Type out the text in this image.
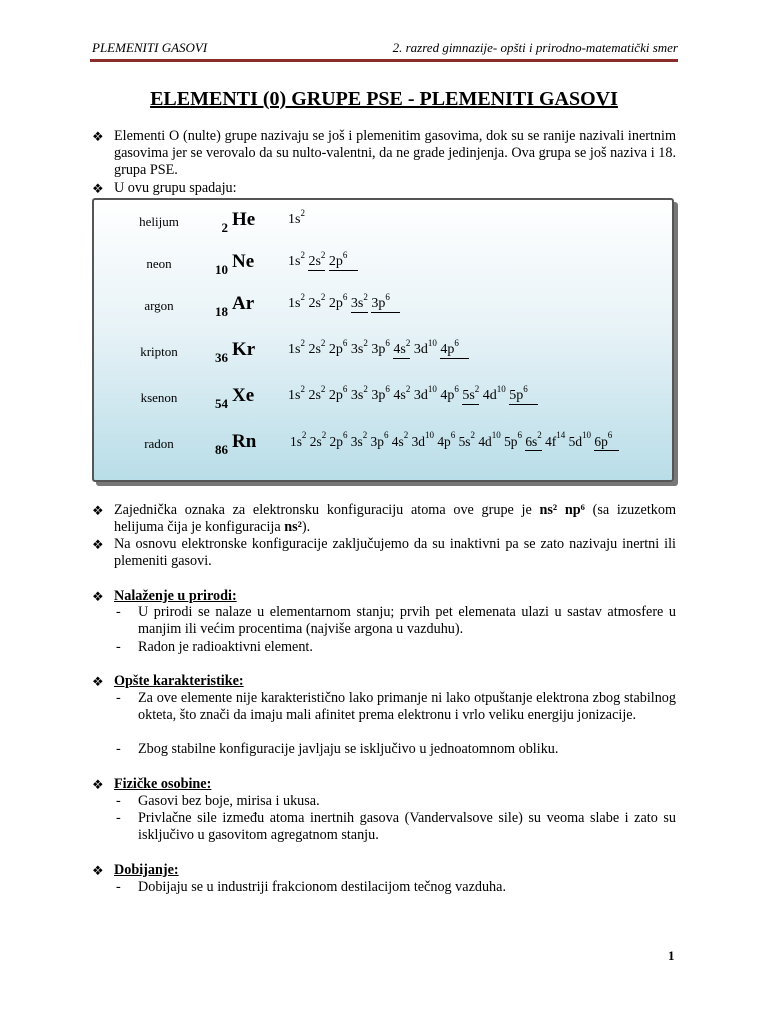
PLEMENITI GASOVI	2. razred gimnazije- opšti i prirodno-matematički smer
ELEMENTI (0) GRUPE PSE - PLEMENITI GASOVI
❖ Elementi O (nulte) grupe nazivaju se još i plemenitim gasovima, dok su se ranije nazivali inertnim gasovima jer se verovalo da su nulto-valentni, da ne grade jedinjenja. Ova grupa se još naziva i 18. grupa PSE.
❖ U ovu grupu spadaju:
helijum	2 He $1s^2$
neon	10 Ne $1s^2$ $2s^2$ $2p^6$
argon	18 Ar $1s^2$ $2s^2$ $2p^6$ $3s^2$ $3p^6$
kripton	36 Kr $1s^2$ $2s^2$ $2p^6$ $3s^2$ $3p^6$ $4s^2$ $3d^{10}$ $4p^6$
ksenon	54 Xe $1s^2$ $2s^2$ $2p^6$ $3s^2$ $3p^6$ $4s^2$ $3d^{10}$ $4p^6$ $5s^2$ $4d^{10}$ $5p^6$
radon	86 Rn	$1s^2$ $2s^2$ $2p^6$ $3s^2$ $3p^6$ $4s^2$ $3d^{10}$ $4p^6$ $5s^2$ $4d^{10}$ $5p^6$ $6s^2$ $4f^{14}$ $5d^{10}$ $6p^6$
❖ Zajednička oznaka za elektronsku konfiguraciju atoma ove grupe je ns² np⁶ (sa izuzetkom helijuma čija je konfiguracija ns²).
❖ Na osnovu elektronske konfiguracije zaključujemo da su inaktivni pa se zato nazivaju inertni ili plemeniti gasovi.
❖ Nalaženje u prirodi:
- U prirodi se nalaze u elementarnom stanju; prvih pet elemenata ulazi u sastav atmosfere u manjim ili većim procentima (najviše argona u vazduhu).
- Radon je radioaktivni element.
❖ Opšte karakteristike:
- Za ove elemente nije karakteristično lako primanje ni lako otpuštanje elektrona zbog stabilnog okteta, što znači da imaju mali afinitet prema elektronu i vrlo veliku energiju jonizacije.
- Zbog stabilne konfiguracije javljaju se isključivo u jednoatomnom obliku.
❖ Fizičke osobine:
- Gasovi bez boje, mirisa i ukusa.
- Privlačne sile između atoma inertnih gasova (Vandervalsove sile) su veoma slabe i zato su isključivo u gasovitom agregatnom stanju.
❖ Dobijanje:
- Dobijaju se u industriji frakcionom destilacijom tečnog vazduha.
1
